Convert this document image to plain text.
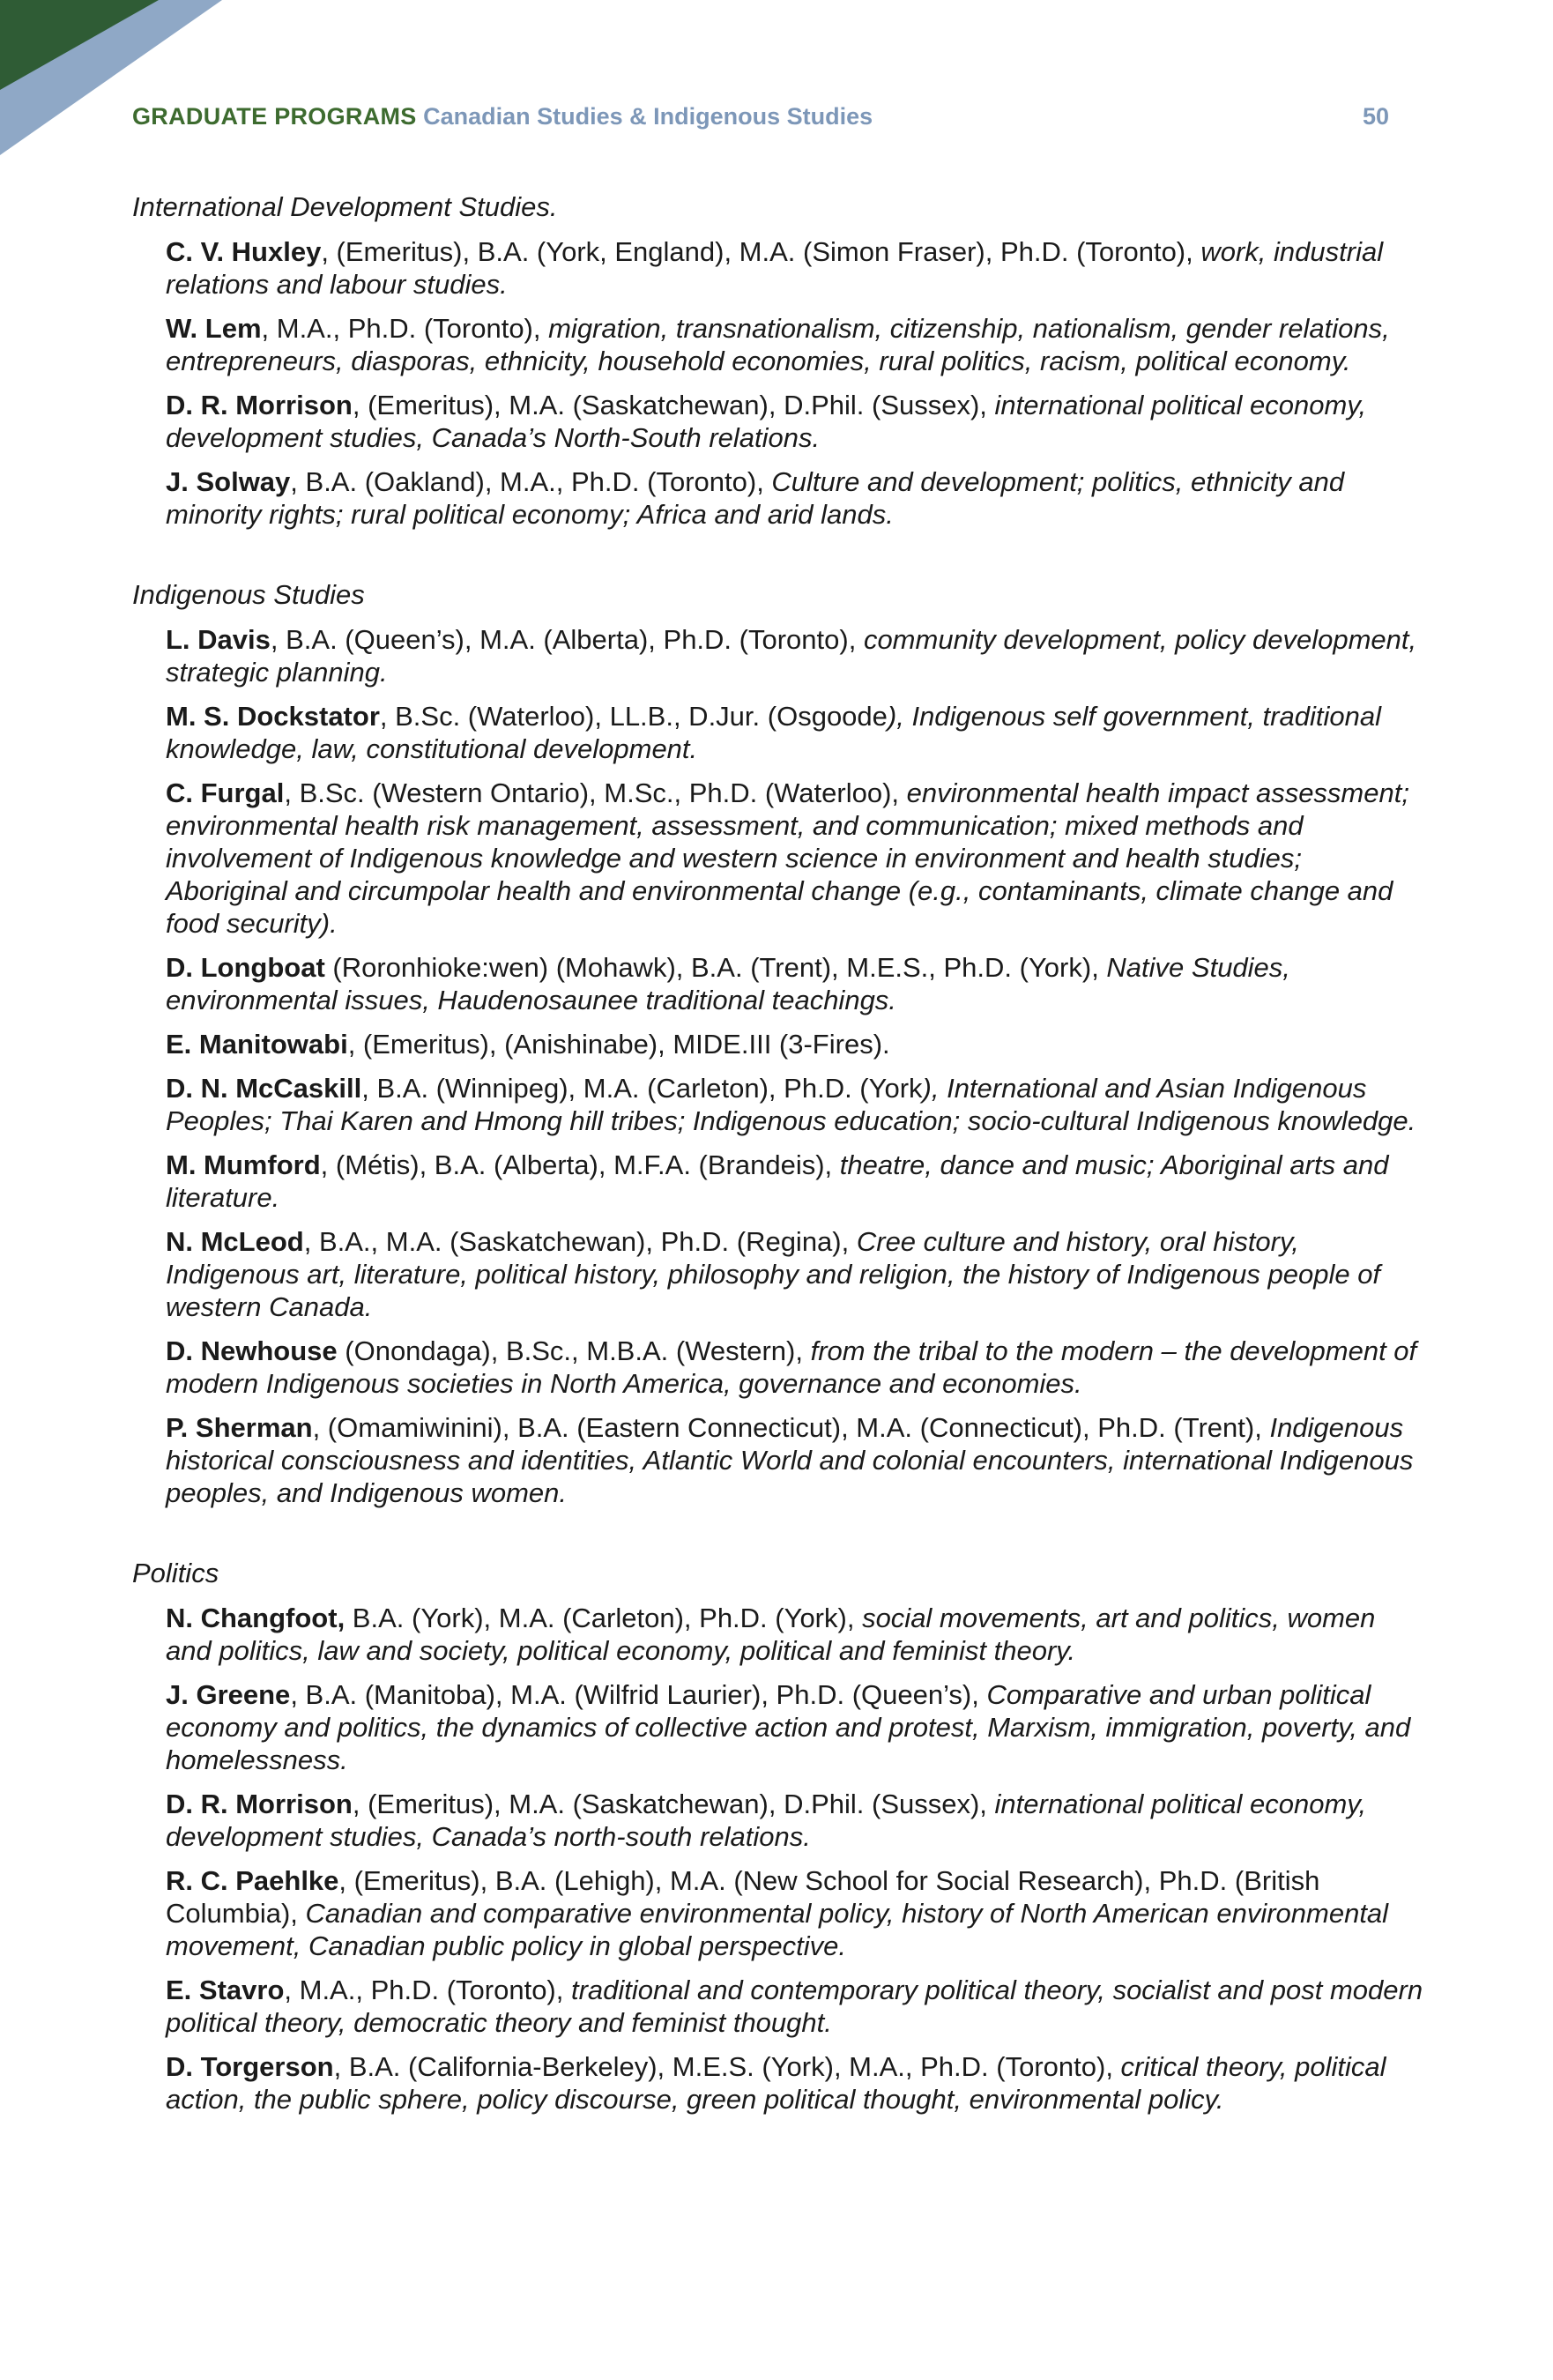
GRADUATE PROGRAMS Canadian Studies & Indigenous Studies	50

International Development Studies.

C. V. Huxley, (Emeritus), B.A. (York, England), M.A. (Simon Fraser), Ph.D. (Toronto), work, industrial relations and labour studies.

W. Lem, M.A., Ph.D. (Toronto), migration, transnationalism, citizenship, nationalism, gender relations, entrepreneurs, diasporas, ethnicity, household economies, rural politics, racism, political economy.

D. R. Morrison, (Emeritus), M.A. (Saskatchewan), D.Phil. (Sussex), international political economy, development studies, Canada’s North-South relations.

J. Solway, B.A. (Oakland), M.A., Ph.D. (Toronto), Culture and development; politics, ethnicity and minority rights; rural political economy; Africa and arid lands.

Indigenous Studies

L. Davis, B.A. (Queen’s), M.A. (Alberta), Ph.D. (Toronto), community development, policy development, strategic planning.

M. S. Dockstator, B.Sc. (Waterloo), LL.B., D.Jur. (Osgoode), Indigenous self government, traditional knowledge, law, constitutional development.

C. Furgal, B.Sc. (Western Ontario), M.Sc., Ph.D. (Waterloo), environmental health impact assessment; environmental health risk management, assessment, and communication; mixed methods and involvement of Indigenous knowledge and western science in environment and health studies; Aboriginal and circumpolar health and environmental change (e.g., contaminants, climate change and food security).

D. Longboat (Roronhioke:wen) (Mohawk), B.A. (Trent), M.E.S., Ph.D. (York), Native Studies, environmental issues, Haudenosaunee traditional teachings.

E. Manitowabi, (Emeritus), (Anishinabe), MIDE.III (3-Fires).

D. N. McCaskill, B.A. (Winnipeg), M.A. (Carleton), Ph.D. (York), International and Asian Indigenous Peoples; Thai Karen and Hmong hill tribes; Indigenous education; socio-cultural Indigenous knowledge.

M. Mumford, (Métis), B.A. (Alberta), M.F.A. (Brandeis), theatre, dance and music; Aboriginal arts and literature.

N. McLeod, B.A., M.A. (Saskatchewan), Ph.D. (Regina), Cree culture and history, oral history, Indigenous art, literature, political history, philosophy and religion, the history of Indigenous people of western Canada.

D. Newhouse (Onondaga), B.Sc., M.B.A. (Western), from the tribal to the modern – the development of modern Indigenous societies in North America, governance and economies.

P. Sherman, (Omamiwinini), B.A. (Eastern Connecticut), M.A. (Connecticut), Ph.D. (Trent), Indigenous historical consciousness and identities, Atlantic World and colonial encounters, international Indigenous peoples, and Indigenous women.

Politics

N. Changfoot, B.A. (York), M.A. (Carleton), Ph.D. (York), social movements, art and politics, women and politics, law and society, political economy, political and feminist theory.

J. Greene, B.A. (Manitoba), M.A. (Wilfrid Laurier), Ph.D. (Queen’s), Comparative and urban political economy and politics, the dynamics of collective action and protest, Marxism, immigration, poverty, and homelessness.

D. R. Morrison, (Emeritus), M.A. (Saskatchewan), D.Phil. (Sussex), international political economy, development studies, Canada’s north-south relations.

R. C. Paehlke, (Emeritus), B.A. (Lehigh), M.A. (New School for Social Research), Ph.D. (British Columbia), Canadian and comparative environmental policy, history of North American environmental movement, Canadian public policy in global perspective.

E. Stavro, M.A., Ph.D. (Toronto), traditional and contemporary political theory, socialist and post modern political theory, democratic theory and feminist thought.

D. Torgerson, B.A. (California-Berkeley), M.E.S. (York), M.A., Ph.D. (Toronto), critical theory, political action, the public sphere, policy discourse, green political thought, environmental policy.
